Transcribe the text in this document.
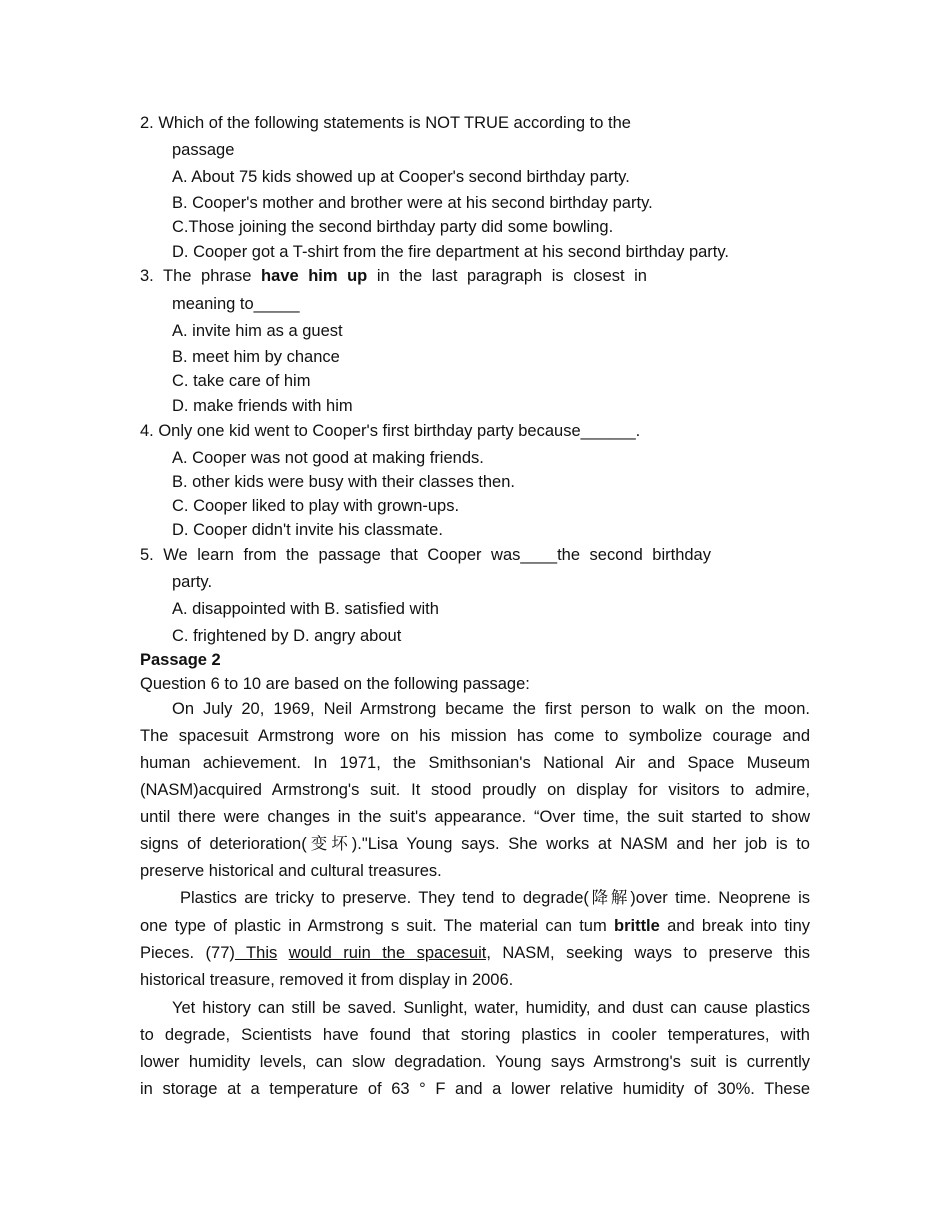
2. Which of the following statements is NOT TRUE according to the
passage
A. About 75 kids showed up at Cooper's second birthday party.
B. Cooper's mother and brother were at his second birthday party.
C.Those joining the second birthday party did some bowling.
D. Cooper got a T-shirt from the fire department at his second birthday party.
3. The phrase have him up in the last paragraph is closest in
meaning to_____
A. invite him as a guest
B. meet him by chance
C. take care of him
D. make friends with him
4. Only one kid went to Cooper's first birthday party because______.
A. Cooper was not good at making friends.
B. other kids were busy with their classes then.
C. Cooper liked to play with grown-ups.
D. Cooper didn't invite his classmate.
5. We learn from the passage that Cooper was____the second birthday
party.
A. disappointed with B. satisfied with
C. frightened by D. angry about
Passage 2
Question 6 to 10 are based on the following passage:
On July 20, 1969, Neil Armstrong became the first person to walk on the moon.
The spacesuit Armstrong wore on his mission has come to symbolize courage and
human achievement. In 1971, the Smithsonian's National Air and Space Museum
(NASM)acquired Armstrong's suit. It stood proudly on display for visitors to admire,
until there were changes in the suit's appearance. “Over time, the suit started to show
signs of deterioration(变坏)."Lisa Young says. She works at NASM and her job is to
preserve historical and cultural treasures.
Plastics are tricky to preserve. They tend to degrade(降解)over time. Neoprene is
one type of plastic in Armstrong s suit. The material can tum brittle and break into tiny
Pieces. (77) This would ruin the spacesuit, NASM, seeking ways to preserve this
historical treasure, removed it from display in 2006.
Yet history can still be saved. Sunlight, water, humidity, and dust can cause plastics
to degrade, Scientists have found that storing plastics in cooler temperatures, with
lower humidity levels, can slow degradation. Young says Armstrong's suit is currently
in storage at a temperature of 63 ° F and a lower relative humidity of 30%. These
